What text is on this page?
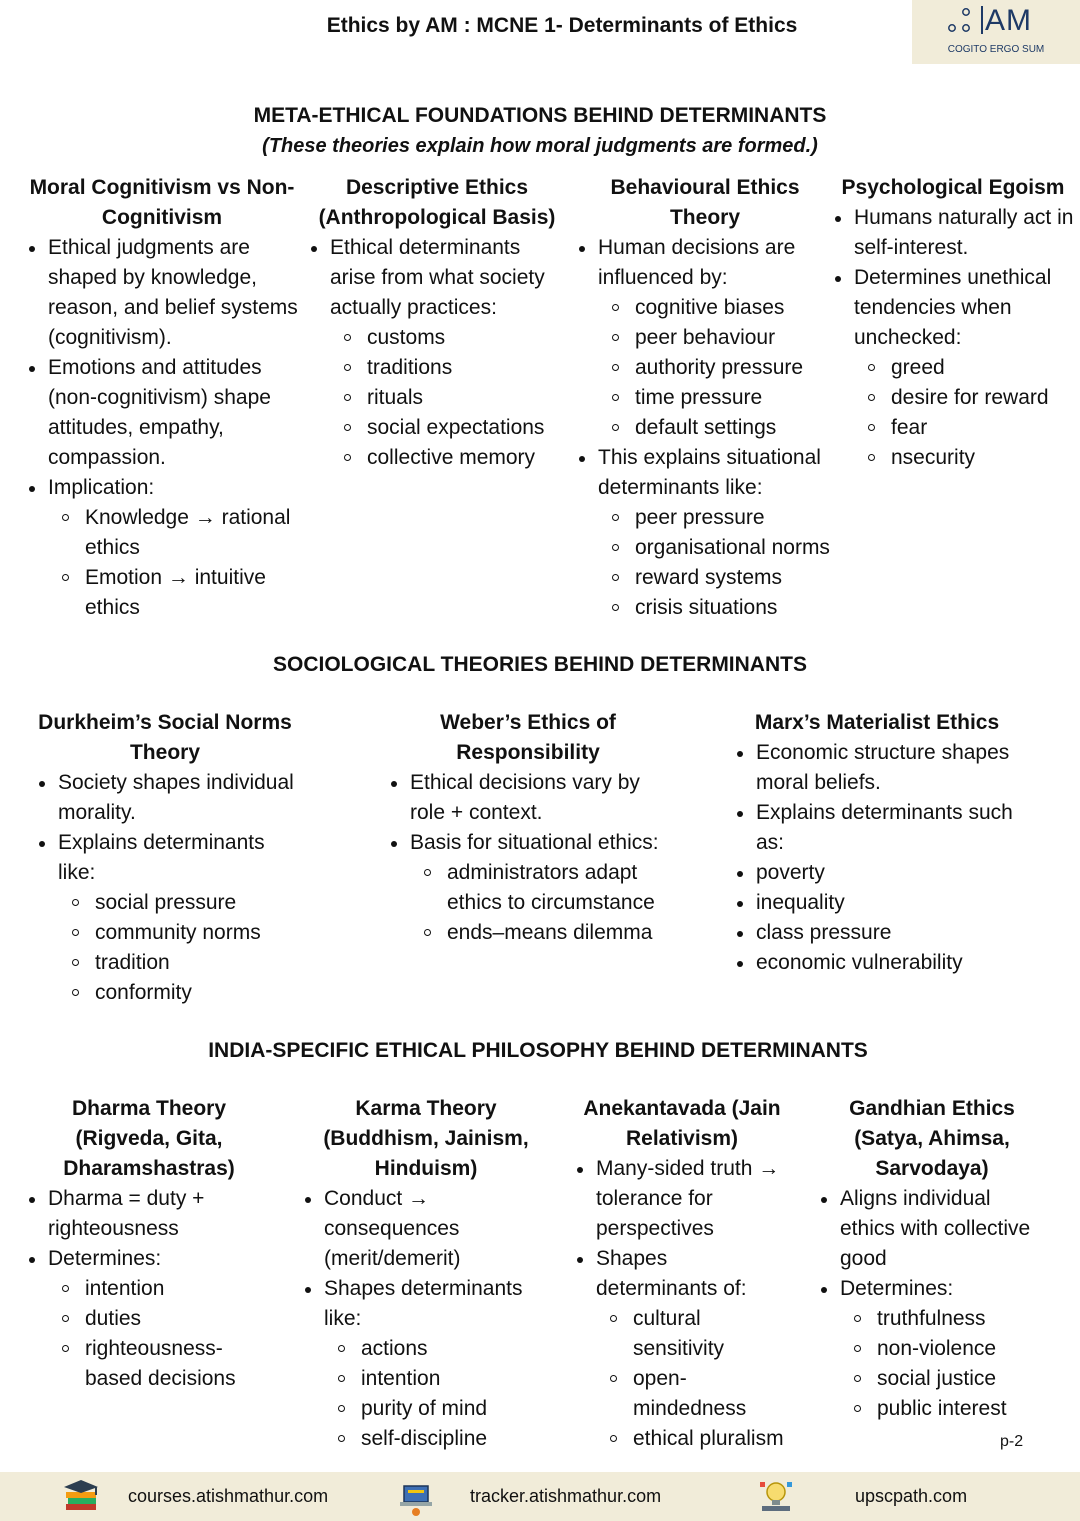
Ethics by AM : MCNE 1- Determinants of Ethics	AM
COGITO ERGO SUM
META-ETHICAL FOUNDATIONS BEHIND DETERMINANTS
(These theories explain how moral judgments are formed.)
Moral Cognitivism vs Non-Cognitivism
Ethical judgments are shaped by knowledge, reason, and belief systems (cognitivism).
Emotions and attitudes (non-cognitivism) shape attitudes, empathy, compassion.
Implication:
Knowledge → rational ethics
Emotion → intuitive ethics
Descriptive Ethics (Anthropological Basis)
Ethical determinants arise from what society actually practices:
customs
traditions
rituals
social expectations
collective memory
Behavioural Ethics Theory
Human decisions are influenced by:
cognitive biases
peer behaviour
authority pressure
time pressure
default settings
This explains situational determinants like:
peer pressure
organisational norms
reward systems
crisis situations
Psychological Egoism
Humans naturally act in self-interest.
Determines unethical tendencies when unchecked:
greed
desire for reward
fear
nsecurity
SOCIOLOGICAL THEORIES BEHIND DETERMINANTS
Durkheim’s Social Norms Theory
Society shapes individual morality.
Explains determinants like:
social pressure
community norms
tradition
conformity
Weber’s Ethics of Responsibility
Ethical decisions vary by role + context.
Basis for situational ethics:
administrators adapt ethics to circumstance
ends–means dilemma
Marx’s Materialist Ethics
Economic structure shapes moral beliefs.
Explains determinants such as:
poverty
inequality
class pressure
economic vulnerability
INDIA-SPECIFIC ETHICAL PHILOSOPHY BEHIND DETERMINANTS
Dharma Theory (Rigveda, Gita, Dharamshastras)
Dharma = duty + righteousness
Determines:
intention
duties
righteousness-based decisions
Karma Theory (Buddhism, Jainism, Hinduism)
Conduct → consequences (merit/demerit)
Shapes determinants like:
actions
intention
purity of mind
self-discipline
Anekantavada (Jain Relativism)
Many-sided truth → tolerance for perspectives
Shapes determinants of:
cultural sensitivity
open-mindedness
ethical pluralism
Gandhian Ethics (Satya, Ahimsa, Sarvodaya)
Aligns individual ethics with collective good
Determines:
truthfulness
non-violence
social justice
public interest
p-2
courses.atishmathur.com	tracker.atishmathur.com	upscpath.com
